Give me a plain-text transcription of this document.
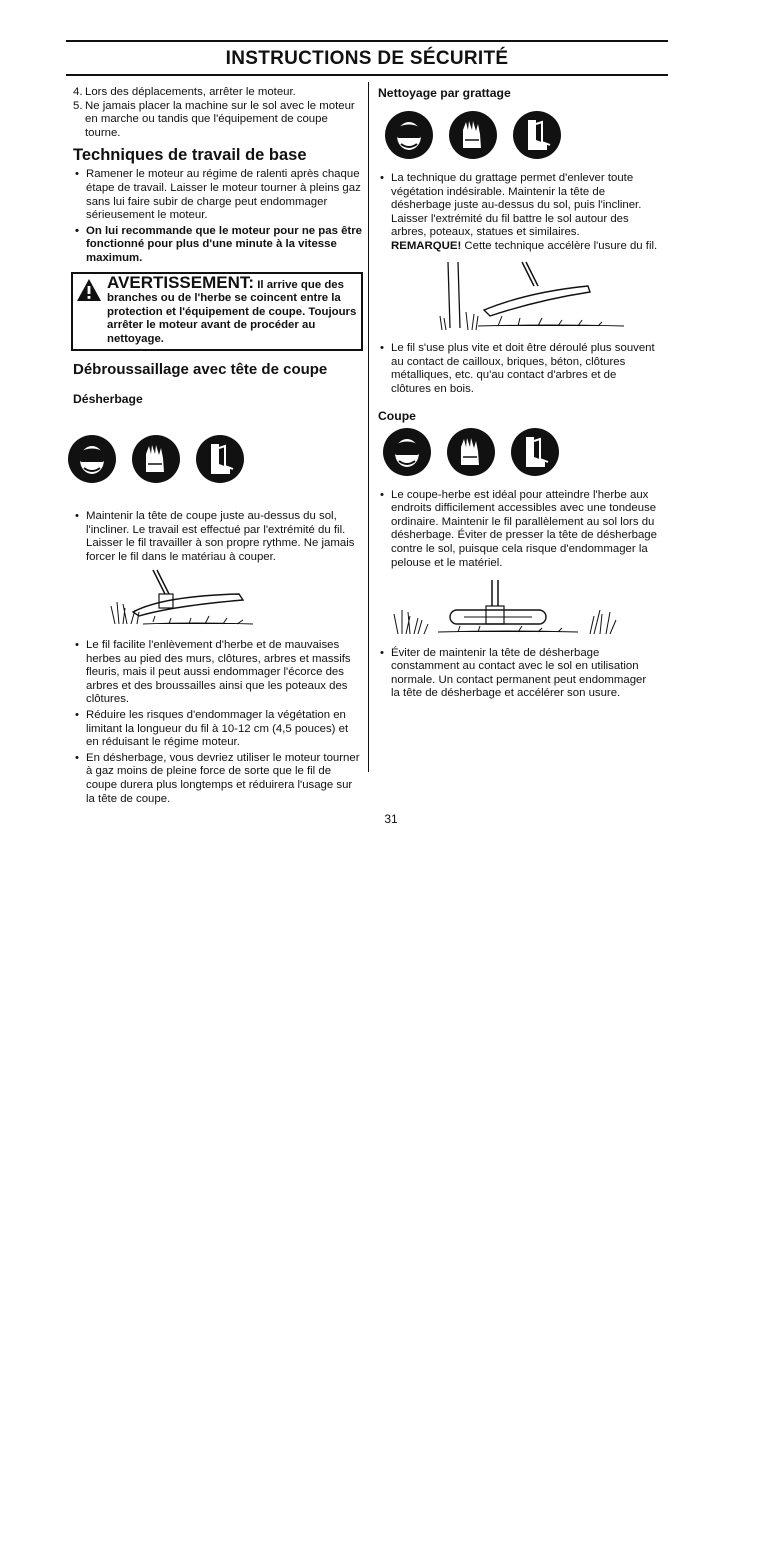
INSTRUCTIONS DE SÉCURITÉ
4. Lors des déplacements, arrêter le moteur.
5. Ne jamais placer la machine sur le sol avec le moteur en marche ou tandis que l'équipement de coupe tourne.
Techniques de travail de base
• Ramener le moteur au régime de ralenti après chaque étape de travail. Laisser le moteur tourner à pleins gaz sans lui faire subir de charge peut endommager sérieusement le moteur.
• On lui recommande que le moteur pour ne pas être fonctionné pour plus d'une minute à la vitesse maximum.
AVERTISSEMENT: Il arrive que des branches ou de l'herbe se coincent entre la protection et l'équipement de coupe. Toujours arrêter le moteur avant de procéder au nettoyage.
Débroussaillage avec tête de coupe
Désherbage
• Maintenir la tête de coupe juste au-dessus du sol, l'incliner. Le travail est effectué par l'extrémité du fil. Laisser le fil travailler à son propre rythme. Ne jamais forcer le fil dans le matériau à couper.
• Le fil facilite l'enlèvement d'herbe et de mauvaises herbes au pied des murs, clôtures, arbres et massifs fleuris, mais il peut aussi endommager l'écorce des arbres et des broussailles ainsi que les poteaux des clôtures.
• Réduire les risques d'endommager la végétation en limitant la longueur du fil à 10-12 cm (4,5 pouces) et en réduisant le régime moteur.
• En désherbage, vous devriez utiliser le moteur tourner à gaz moins de pleine force de sorte que le fil de coupe durera plus longtemps et réduirera l'usage sur la tête de coupe.
Nettoyage par grattage
• La technique du grattage permet d'enlever toute végétation indésirable. Maintenir la tête de désherbage juste au-dessus du sol, puis l'incliner. Laisser l'extrémité du fil battre le sol autour des arbres, poteaux, statues et similaires.
REMARQUE! Cette technique accélère l'usure du fil.
• Le fil s'use plus vite et doit être déroulé plus souvent au contact de cailloux, briques, béton, clôtures métalliques, etc. qu'au contact d'arbres et de clôtures en bois.
Coupe
• Le coupe-herbe est idéal pour atteindre l'herbe aux endroits difficilement accessibles avec une tondeuse ordinaire. Maintenir le fil parallèlement au sol lors du désherbage. Éviter de presser la tête de désherbage contre le sol, puisque cela risque d'endommager la pelouse et le matériel.
• Éviter de maintenir la tête de désherbage constamment au contact avec le sol en utilisation normale. Un contact permanent peut endommager la tête de désherbage et accélérer son usure.
31
